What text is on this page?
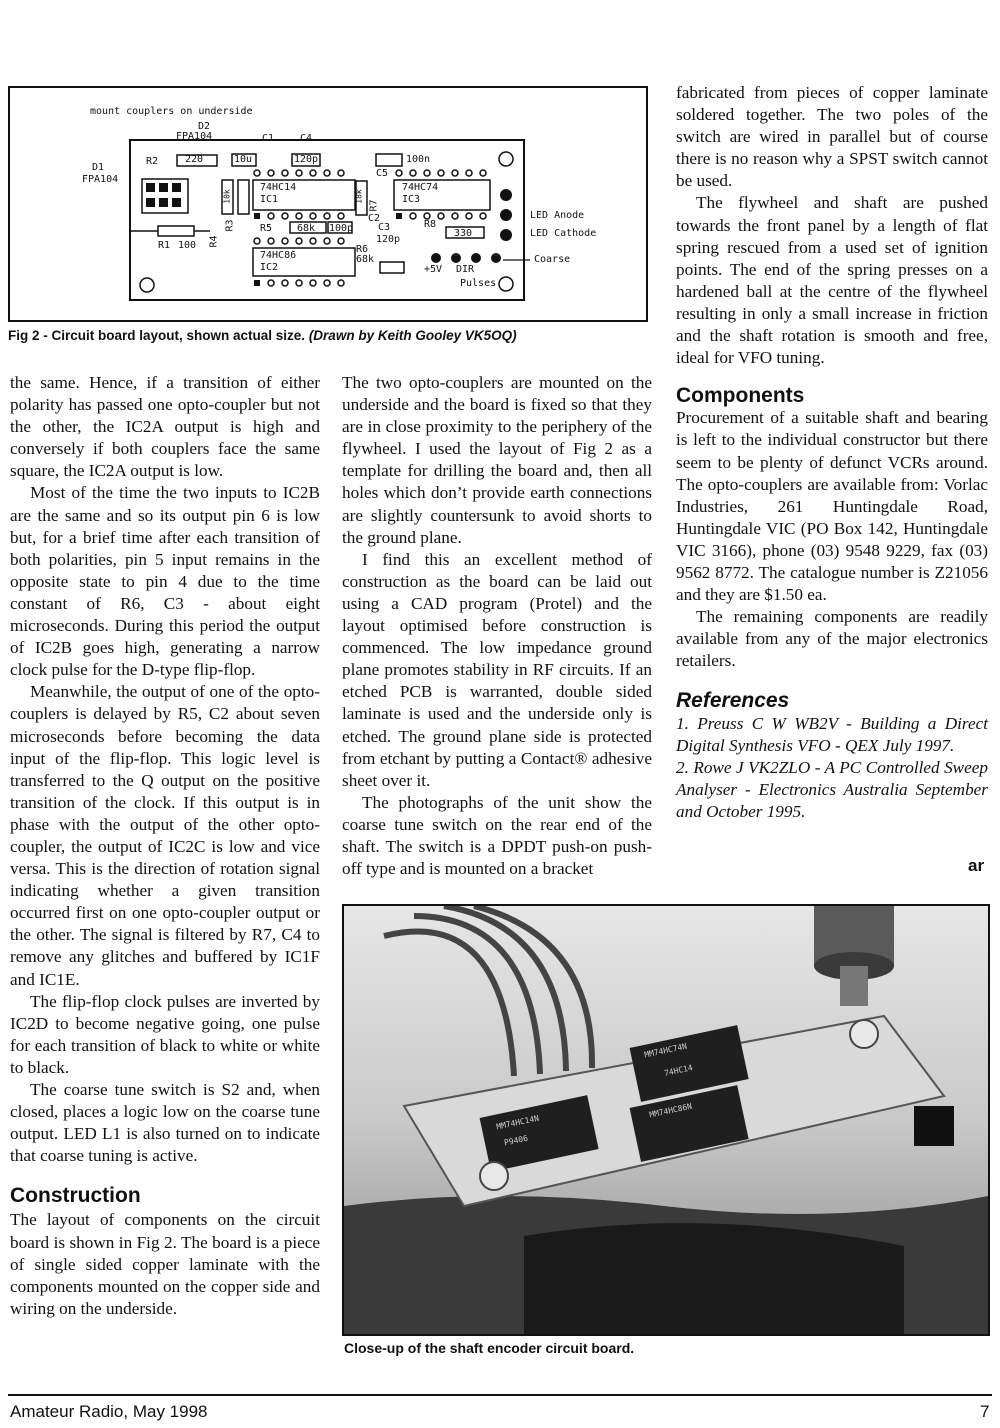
mount couplers on underside
D2
FPA104	C1	C4
D1
FPA104
R2	220	10u	120p	100n
C5
74HC14
IC1
74HC74
IC3
R7
18k
C2
R8
330
R5 68k 100p C3
120p
R1 100 R4
10k
R3
74HC86
IC2
R6
68k
+5V DIR
Pulses
LED Anode
LED Cathode
Coarse
Fig 2 - Circuit board layout, shown actual size. (Drawn by Keith Gooley VK5OQ)

the same. Hence, if a transition of either polarity has passed one opto-coupler but not the other, the IC2A output is high and conversely if both couplers face the same square, the IC2A output is low.

Most of the time the two inputs to IC2B are the same and so its output pin 6 is low but, for a brief time after each transition of both polarities, pin 5 input remains in the opposite state to pin 4 due to the time constant of R6, C3 - about eight microseconds. During this period the output of IC2B goes high, generating a narrow clock pulse for the D-type flip-flop.

Meanwhile, the output of one of the opto-couplers is delayed by R5, C2 about seven microseconds before becoming the data input of the flip-flop. This logic level is transferred to the Q output on the positive transition of the clock. If this output is in phase with the output of the other opto-coupler, the output of IC2C is low and vice versa. This is the direction of rotation signal indicating whether a given transition occurred first on one opto-coupler output or the other. The signal is filtered by R7, C4 to remove any glitches and buffered by IC1F and IC1E.

The flip-flop clock pulses are inverted by IC2D to become negative going, one pulse for each transition of black to white or white to black.

The coarse tune switch is S2 and, when closed, places a logic low on the coarse tune output. LED L1 is also turned on to indicate that coarse tuning is active.

Construction

The layout of components on the circuit board is shown in Fig 2. The board is a piece of single sided copper laminate with the components mounted on the copper side and wiring on the underside.

The two opto-couplers are mounted on the underside and the board is fixed so that they are in close proximity to the periphery of the flywheel. I used the layout of Fig 2 as a template for drilling the board and, then all holes which don’t provide earth connections are slightly countersunk to avoid shorts to the ground plane.

I find this an excellent method of construction as the board can be laid out using a CAD program (Protel) and the layout optimised before construction is commenced. The low impedance ground plane promotes stability in RF circuits. If an etched PCB is warranted, double sided laminate is used and the underside only is etched. The ground plane side is protected from etchant by putting a Contact® adhesive sheet over it.

The photographs of the unit show the coarse tune switch on the rear end of the shaft. The switch is a DPDT push-on push-off type and is mounted on a bracket

fabricated from pieces of copper laminate soldered together. The two poles of the switch are wired in parallel but of course there is no reason why a SPST switch cannot be used.

The flywheel and shaft are pushed towards the front panel by a length of flat spring rescued from a used set of ignition points. The end of the spring presses on a hardened ball at the centre of the flywheel resulting in only a small increase in friction and the shaft rotation is smooth and free, ideal for VFO tuning.

Components

Procurement of a suitable shaft and bearing is left to the individual constructor but there seem to be plenty of defunct VCRs around. The opto-couplers are available from: Vorlac Industries, 261 Huntingdale Road, Huntingdale VIC (PO Box 142, Huntingdale VIC 3166), phone (03) 9548 9229, fax (03) 9562 8772. The catalogue number is Z21056 and they are $1.50 ea.

The remaining components are readily available from any of the major electronics retailers.

References

1. Preuss C W WB2V - Building a Direct Digital Synthesis VFO - QEX July 1997.

2. Rowe J VK2ZLO - A PC Controlled Sweep Analyser - Electronics Australia September and October 1995.

ar
MM74HC74N
MM74HC86N
MM74HC14N
74HC14
P9406
Close-up of the shaft encoder circuit board.
Amateur Radio, May 1998	7
